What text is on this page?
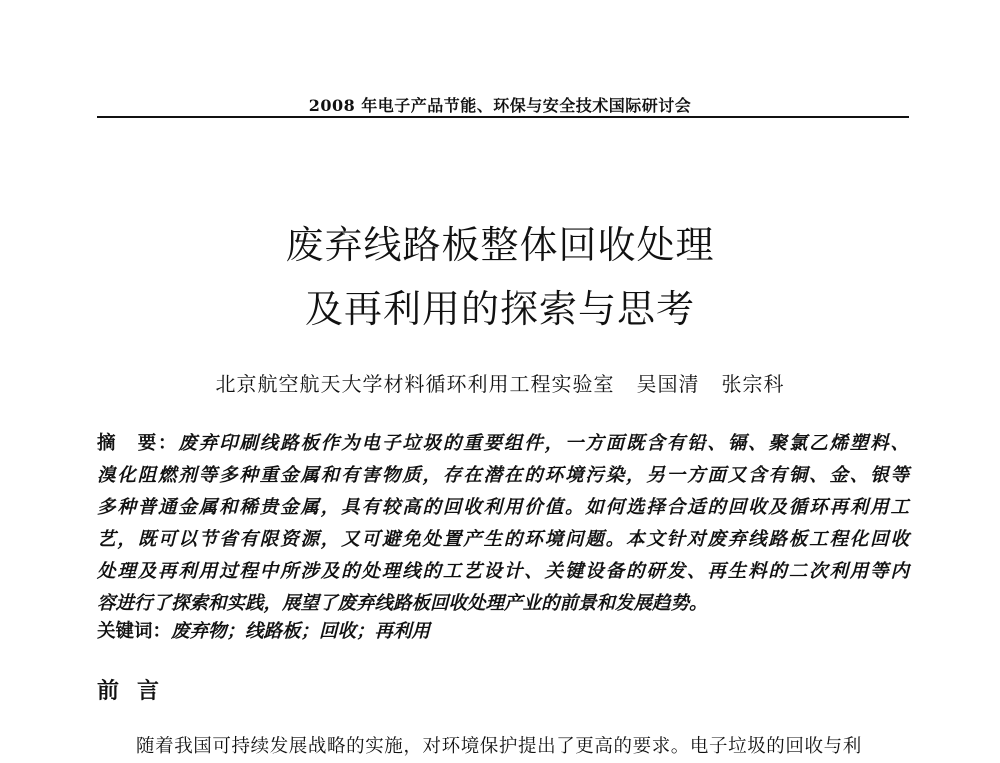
2008 年电子产品节能、环保与安全技术国际研讨会
废弃线路板整体回收处理
及再利用的探索与思考
北京航空航天大学材料循环利用工程实验室 吴国清 张宗科
摘　要：废弃印刷线路板作为电子垃圾的重要组件，一方面既含有铅、镉、聚氯乙烯塑料、
溴化阻燃剂等多种重金属和有害物质，存在潜在的环境污染，另一方面又含有铜、金、银等
多种普通金属和稀贵金属，具有较高的回收利用价值。如何选择合适的回收及循环再利用工
艺，既可以节省有限资源，又可避免处置产生的环境问题。本文针对废弃线路板工程化回收
处理及再利用过程中所涉及的处理线的工艺设计、关键设备的研发、再生料的二次利用等内
容进行了探索和实践，展望了废弃线路板回收处理产业的前景和发展趋势。
关键词：废弃物；线路板；回收；再利用
前言
随着我国可持续发展战略的实施，对环境保护提出了更高的要求。电子垃圾的回收与利
